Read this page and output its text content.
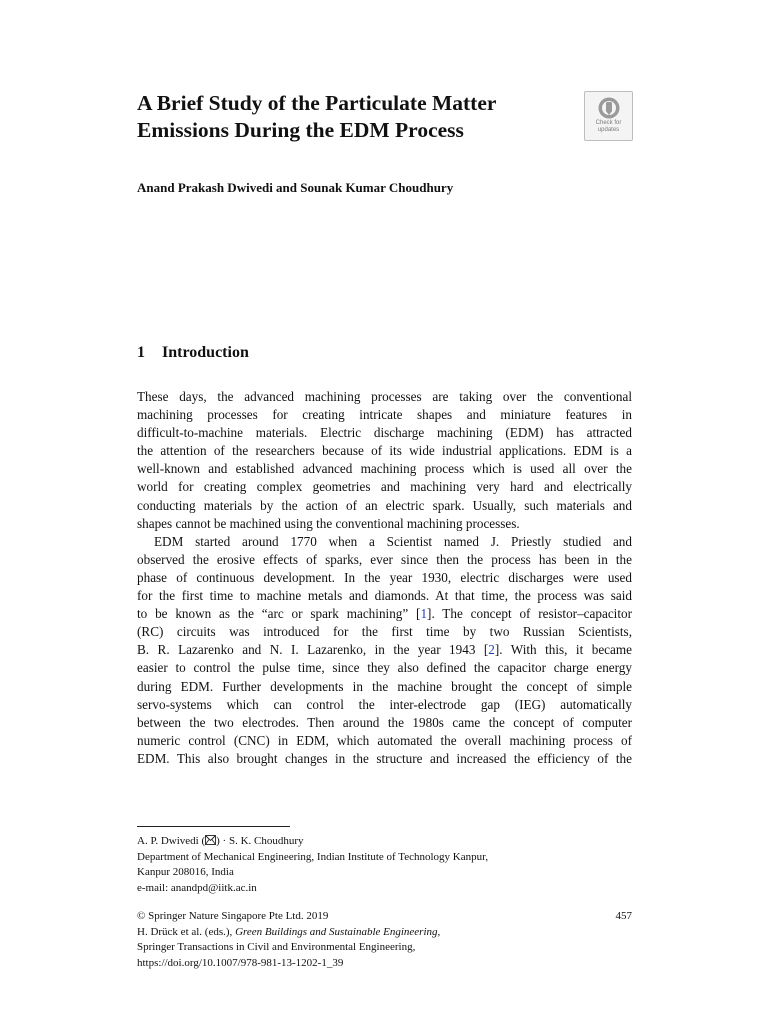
A Brief Study of the Particulate Matter
Emissions During the EDM Process	Check for
updates

Anand Prakash Dwivedi and Sounak Kumar Choudhury

1 Introduction
These days, the advanced machining processes are taking over the conventional
machining processes for creating intricate shapes and miniature features in
difficult-to-machine materials. Electric discharge machining (EDM) has attracted
the attention of the researchers because of its wide industrial applications. EDM is a
well-known and established advanced machining process which is used all over the
world for creating complex geometries and machining very hard and electrically
conducting materials by the action of an electric spark. Usually, such materials and
shapes cannot be machined using the conventional machining processes.
EDM started around 1770 when a Scientist named J. Priestly studied and
observed the erosive effects of sparks, ever since then the process has been in the
phase of continuous development. In the year 1930, electric discharges were used
for the first time to machine metals and diamonds. At that time, the process was said
to be known as the “arc or spark machining” [1]. The concept of resistor–capacitor
(RC) circuits was introduced for the first time by two Russian Scientists,
B. R. Lazarenko and N. I. Lazarenko, in the year 1943 [2]. With this, it became
easier to control the pulse time, since they also defined the capacitor charge energy
during EDM. Further developments in the machine brought the concept of simple
servo-systems which can control the inter-electrode gap (IEG) automatically
between the two electrodes. Then around the 1980s came the concept of computer
numeric control (CNC) in EDM, which automated the overall machining process of
EDM. This also brought changes in the structure and increased the efficiency of the
A. P. Dwivedi ( ) · S. K. Choudhury
Department of Mechanical Engineering, Indian Institute of Technology Kanpur,
Kanpur 208016, India
e-mail: anandpd@iitk.ac.in
© Springer Nature Singapore Pte Ltd. 2019
H. Drück et al. (eds.), Green Buildings and Sustainable Engineering,
Springer Transactions in Civil and Environmental Engineering,
https://doi.org/10.1007/978-981-13-1202-1_39
457
